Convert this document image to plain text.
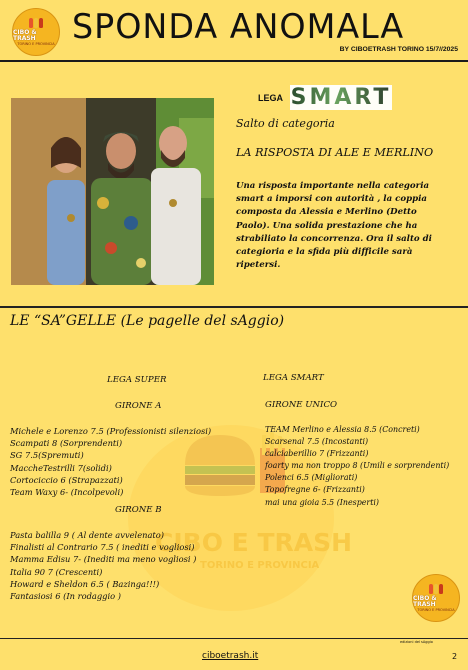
CIBO & TRASH
TORINO E PROVINCIA SPONDA ANOMALA
BY CIBOETRASH TORINO 15/7//2025
LEGA SMART
Salto di categoria
LA RISPOSTA DI ALE E MERLINO
Una risposta importante nella categoria smart a imporsi con autorità , la coppia composta da Alessia e Merlino (Detto Paolo). Una solida prestazione che ha strabiliato la concorrenza. Ora il salto di categioria e la sfida più difficile sarà ripetersi.
CIBO E TRASH
TORINO E PROVINCIA
LE “SA”GELLE (Le pagelle del sAggio)
LEGA SUPER
GIRONE A
Michele e Lorenzo 7.5 (Professionisti silenziosi)
Scampati 8 (Sorprendenti)
SG 7.5(Spremuti)
MaccheTestrilli 7(solidi)
Cortociccio 6 (Strapazzati)
Team Waxy 6- (Incolpevoli)
GIRONE B
Pasta balilla 9 ( Al dente avvelenato)
Finalisti al Contrario 7.5 ( inediti e vogliosi)
Mamma Edisu 7- (Inediti ma meno vogliosi )
Italia 90 7 (Crescenti)
Howard e Sheldon 6.5 ( Bazinga!!!)
Fantasiosi 6 (In rodaggio )
LEGA SMART
GIRONE UNICO
TEAM Merlino e Alessia 8.5 (Concreti)
Scarsenal 7.5 (Incostanti)
calciaberillio 7 (Frizzanti)
foarty ma non troppo 8 (Umili e sorprendenti)
Polenci 6.5 (Migliorati)
Topofregne 6- (Frizzanti)
mai una gioia 5.5 (Inesperti)
CIBO & TRASH
TORINO E PROVINCIA
edizioni del sAggio
ciboetrash.it	2
